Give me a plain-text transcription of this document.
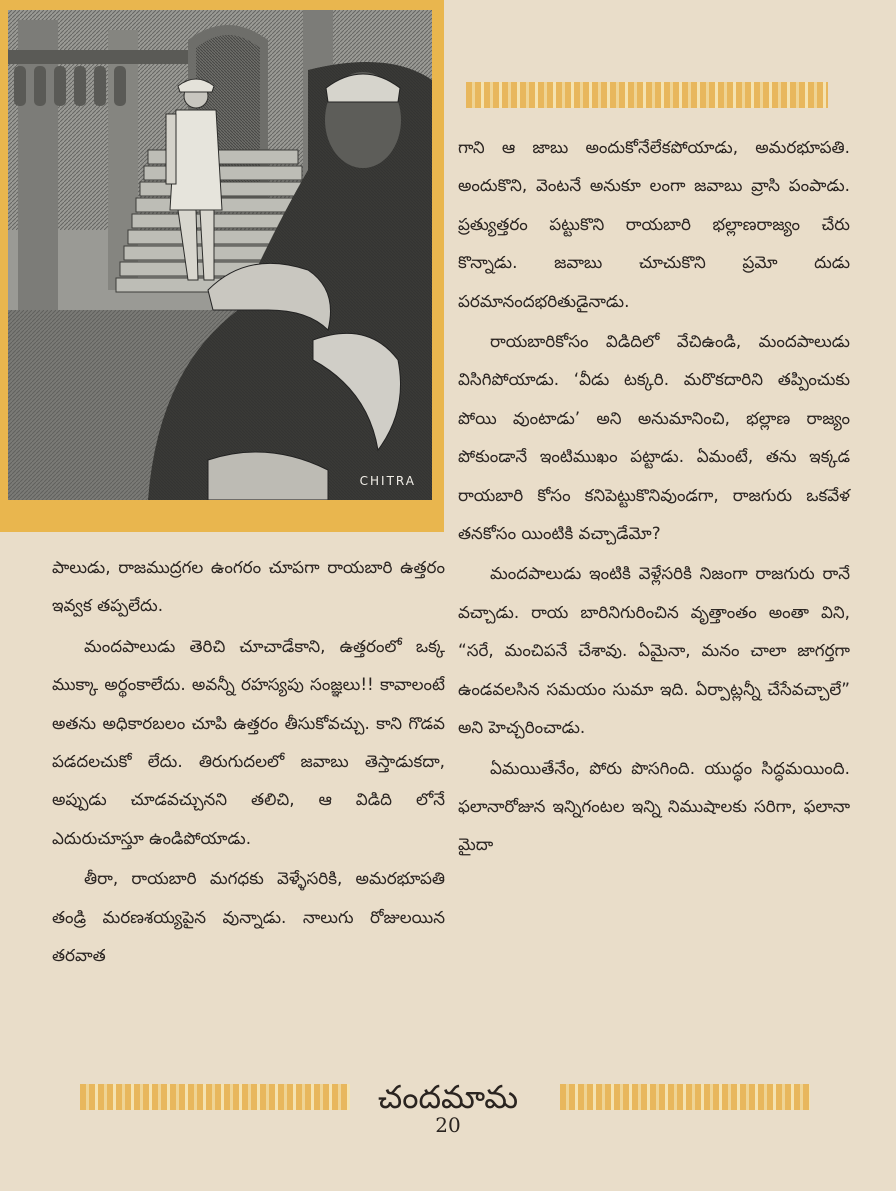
CHITRA

పాలుడు, రాజముద్రగల ఉంగరం చూపగా రాయబారి ఉత్తరం ఇవ్వక తప్పలేదు.

మందపాలుడు తెరిచి చూచాడేకాని, ఉత్తరంలో ఒక్క ముక్కా అర్థంకాలేదు. అవన్నీ రహస్యపు సంజ్ఞలు!! కావాలంటే అతను అధికారబలం చూపి ఉత్తరం తీసుకోవచ్చు. కాని గొడవ పడదలచుకో లేదు. తిరుగుదలలో జవాబు తెస్తాడుకదా, అప్పుడు చూడవచ్చునని తలిచి, ఆ విడిది లోనే ఎదురుచూస్తూ ఉండిపోయాడు.

తీరా, రాయబారి మగధకు వెళ్ళేసరికి, అమరభూపతి తండ్రి మరణశయ్యపైన వున్నాడు. నాలుగు రోజులయిన తరవాత

గాని ఆ జాబు అందుకోనేలేకపోయాడు, అమరభూపతి. అందుకొని, వెంటనే అనుకూ లంగా జవాబు వ్రాసి పంపాడు. ప్రత్యుత్తరం పట్టుకొని రాయబారి భల్లాణరాజ్యం చేరు కొన్నాడు. జవాబు చూచుకొని ప్రమో దుడు పరమానందభరితుడైనాడు.

రాయబారికోసం విడిదిలో వేచిఉండి, మందపాలుడు విసిగిపోయాడు. ‘వీడు టక్కరి. మరొకదారిని తప్పించుకు పోయి వుంటాడు’ అని అనుమానించి, భల్లాణ రాజ్యం పోకుండానే ఇంటిముఖం పట్టాడు. ఏమంటే, తను ఇక్కడ రాయబారి కోసం కనిపెట్టుకొనివుండగా, రాజగురు ఒకవేళ తనకోసం యింటికి వచ్చాడేమో?

మందపాలుడు ఇంటికి వెళ్లేసరికి నిజంగా రాజగురు రానే వచ్చాడు. రాయ బారినిగురించిన వృత్తాంతం అంతా విని, “సరే, మంచిపనే చేశావు. ఏమైనా, మనం చాలా జాగర్తగా ఉండవలసిన సమయం సుమా ఇది. ఏర్పాట్లన్నీ చేసేవచ్చాలే” అని హెచ్చరించాడు.

ఏమయితేనేం, పోరు పొసగింది. యుద్ధం సిద్ధమయింది. ఫలానారోజున ఇన్నిగంటల ఇన్ని నిముషాలకు సరిగా, ఫలానా మైదా

చందమామ
20
